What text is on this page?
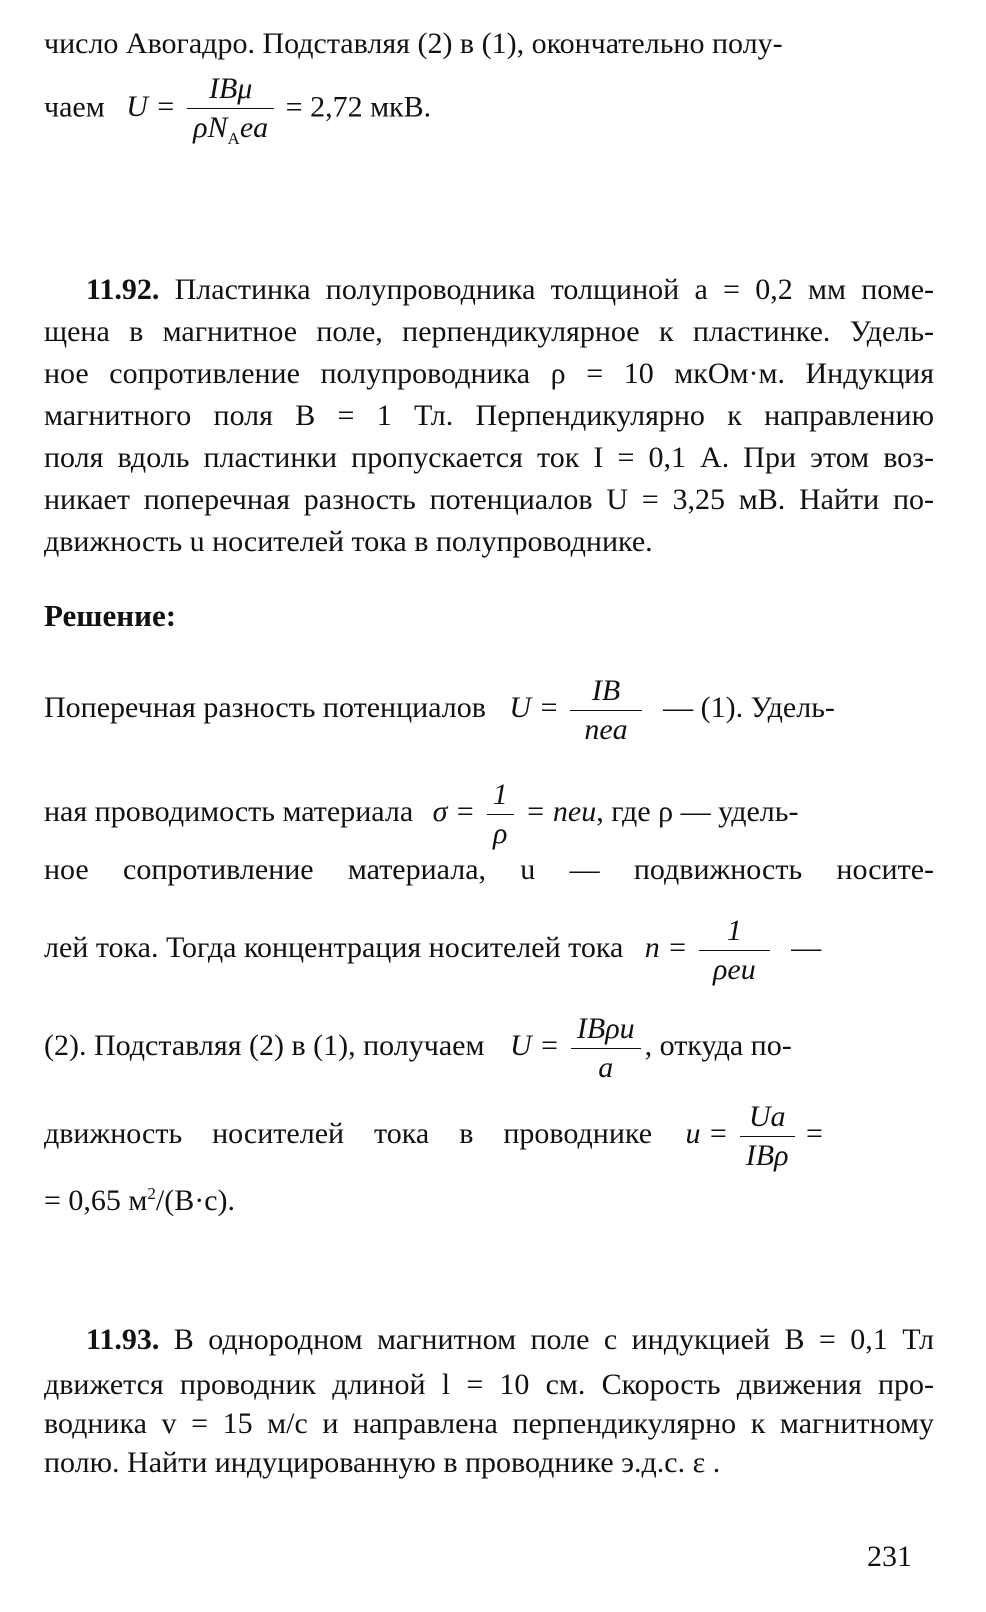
число Авогадро. Подставляя (2) в (1), окончательно полу-
чаем $U = \frac{\text{IBμ}}{\rho N_Aea} = 2,72$ мкВ.
11.92. Пластинка полупроводника толщиной a = 0,2 мм поме-
щена в магнитное поле, перпендикулярное к пластинке. Удель-
ное сопротивление полупроводника ρ = 10 мкОм·м. Индукция
магнитного поля B = 1 Тл. Перпендикулярно к направлению
поля вдоль пластинки пропускается ток I = 0,1 А. При этом воз-
никает поперечная разность потенциалов U = 3,25 мВ. Найти по-
движность u носителей тока в полупроводнике.
Решение:
Поперечная разность потенциалов $U = \frac{IB}{\text{nea}}$ — (1). Удель-
ная проводимость материала $\sigma = \frac{1}{\rho}$ = neu, где ρ — удель-
ное сопротивление материала, u — подвижность носите-
лей тока. Тогда концентрация носителей тока $n = \frac{1}{\text{ρeu}}$ —
(2). Подставляя (2) в (1), получаем $U = \frac{\text{IBρu}}{a}$ , откуда по-
движность    носителей    тока    в    проводнике $u = \frac{Ua}{\text{IBρ}}$ =
= 0,65 $м^2/(В\cdot с)$.
11.93. В однородном магнитном поле с индукцией B = 0,1 Тл
движется проводник длиной l = 10 см. Скорость движения про-
водника v = 15 м/с и направлена перпендикулярно к магнитному
полю. Найти индуцированную в проводнике э.д.с. ε .
231
